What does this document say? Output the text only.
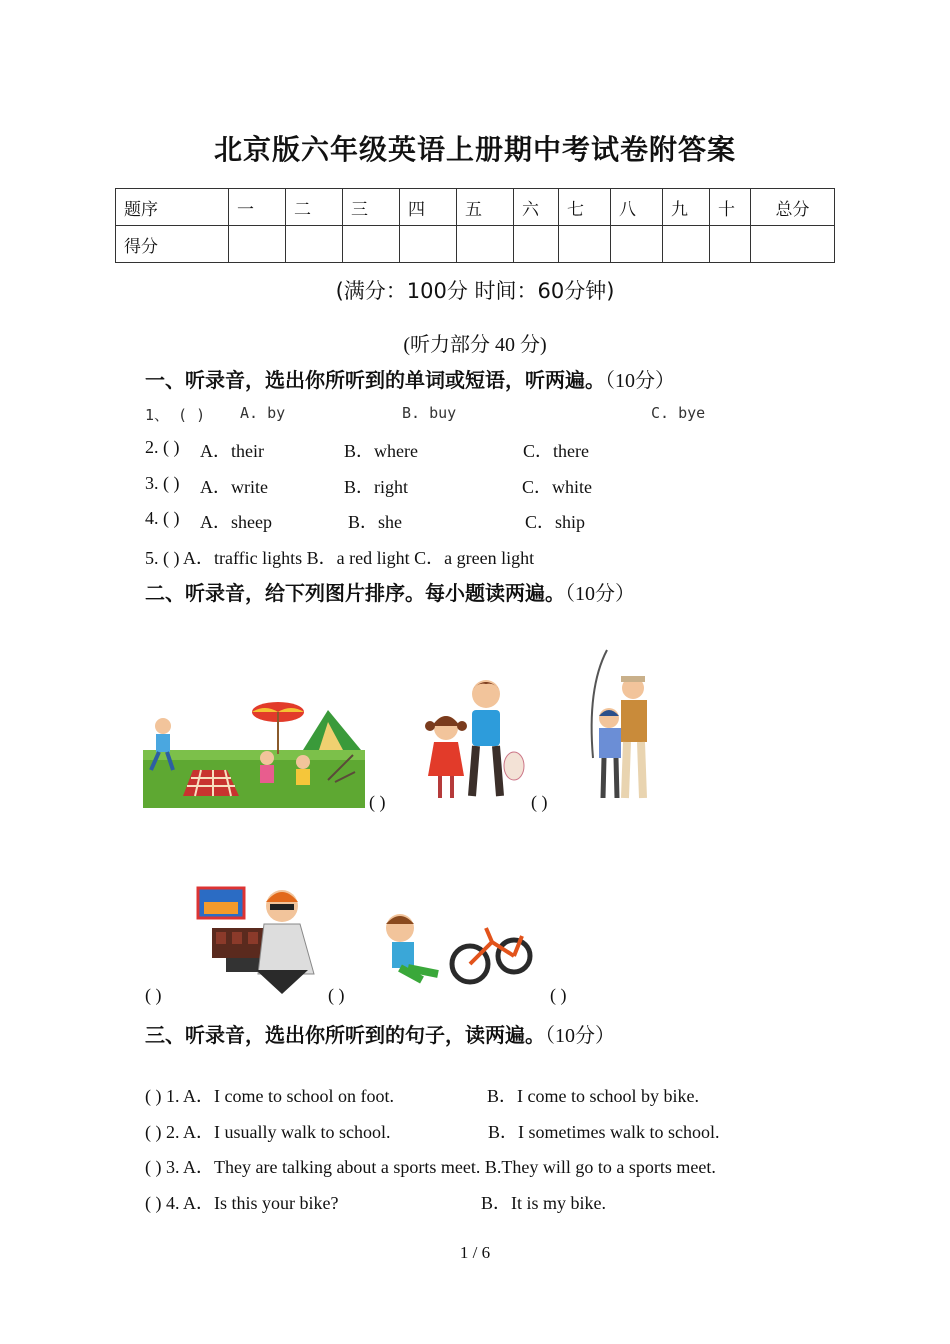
北京版六年级英语上册期中考试卷附答案
题序	一	二	三	四	五	六	七	八	九	十	总分
得分											
(满分：100分 时间：60分钟)
(听力部分 40 分)
一、听录音，选出你所听到的单词或短语，听两遍。（10分）
1、 ( ) A. by	B. buy	C. bye
2. ( ) A．their	B．where	C．there
3. ( ) A．write	B．right	C．white
4. ( ) A．sheep	B．she	C．ship
5. ( ) A．traffic lights B．a red light C．a green light
二、听录音，给下列图片排序。每小题读两遍。（10分）
( )	( )
( )	( )	( )
三、听录音，选出你所听到的句子，读两遍。（10分）
( ) 1. A．I come to school on foot.	B．I come to school by bike.
( ) 2. A．I usually walk to school.	B．I sometimes walk to school.
( ) 3. A．They are talking about a sports meet. B.They will go to a sports meet.
( ) 4. A．Is this your bike?	B．It is my bike.
1 / 6
